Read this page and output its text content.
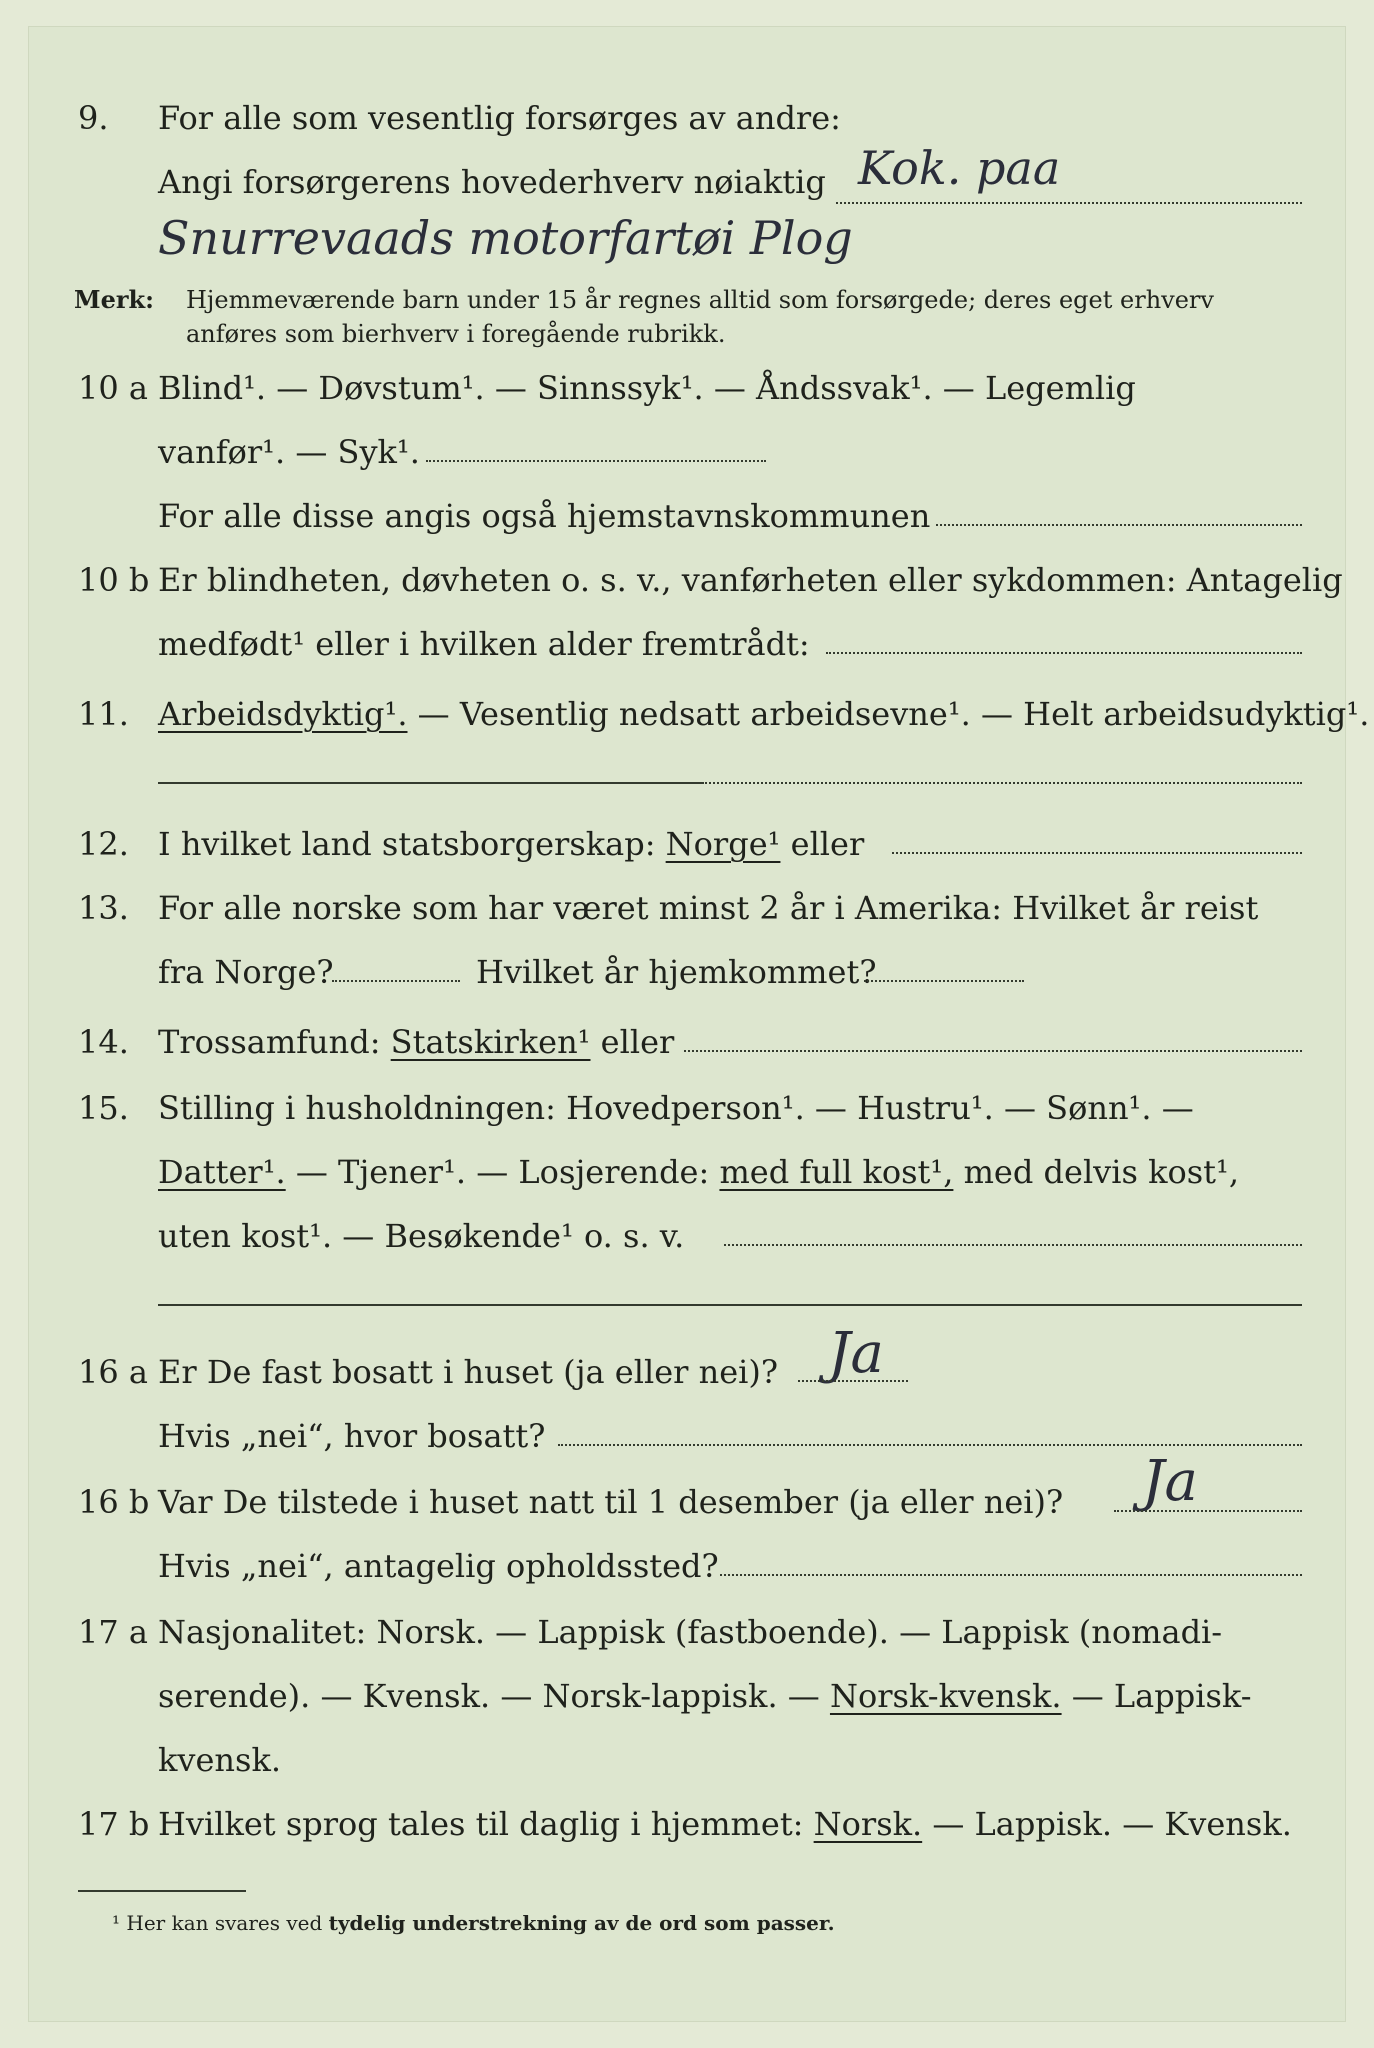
9. For alle som vesentlig forsørges av andre:
Angi forsørgerens hovederhverv nøiaktig Kok. paa
Snurrevaads motorfartøi Plog
Merk: Hjemmeværende barn under 15 år regnes alltid som forsørgede; deres eget erhverv
anføres som bierhverv i foregående rubrikk.
10 a Blind¹. — Døvstum¹. — Sinnssyk¹. — Åndssvak¹. — Legemlig
vanfør¹. — Syk¹.
For alle disse angis også hjemstavnskommunen
10 b Er blindheten, døvheten o. s. v., vanførheten eller sykdommen: Antagelig
medfødt¹ eller i hvilken alder fremtrådt:
11. Arbeidsdyktig¹. — Vesentlig nedsatt arbeidsevne¹. — Helt arbeidsudyktig¹.
12. I hvilket land statsborgerskap: Norge¹ eller
13. For alle norske som har været minst 2 år i Amerika: Hvilket år reist
fra Norge?	Hvilket år hjemkommet?
14. Trossamfund: Statskirken¹ eller
15. Stilling i husholdningen: Hovedperson¹. — Hustru¹. — Sønn¹. —
Datter¹. — Tjener¹. — Losjerende: med full kost¹, med delvis kost¹,
uten kost¹. — Besøkende¹ o. s. v.
16 a Er De fast bosatt i huset (ja eller nei)? Ja
Hvis „nei“, hvor bosatt?
16 b Var De tilstede i huset natt til 1 desember (ja eller nei)? Ja
Hvis „nei“, antagelig opholdssted?
17 a Nasjonalitet: Norsk. — Lappisk (fastboende). — Lappisk (nomadi-
serende). — Kvensk. — Norsk-lappisk. — Norsk-kvensk. — Lappisk-
kvensk.
17 b Hvilket sprog tales til daglig i hjemmet: Norsk. — Lappisk. — Kvensk.
¹ Her kan svares ved tydelig understrekning av de ord som passer.
